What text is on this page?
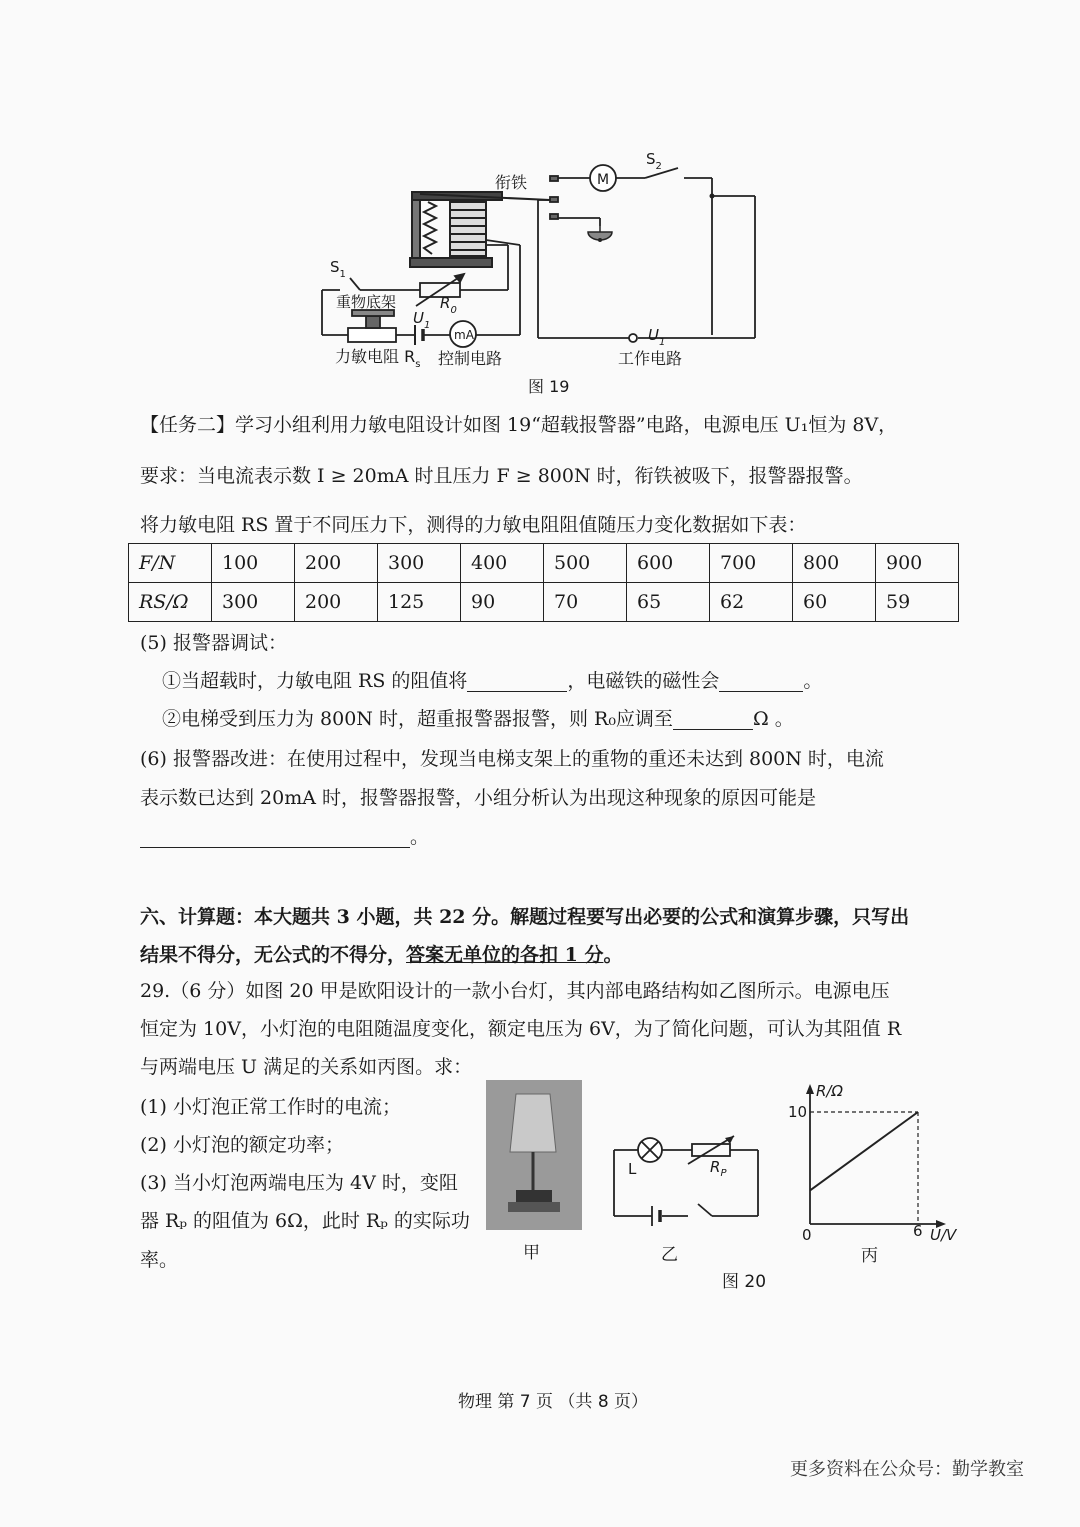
衔铁	M
$S_2$
$S_1$
重物底架	$R_0$
$U_1$
mA
力敏电阻 $R_s$ 控制电路
$U_1$
工作电路
图 19
【任务二】学习小组利用力敏电阻设计如图 19“超载报警器”电路，电源电压 U₁恒为 8V，
要求：当电流表示数 I ≥ 20mA 时且压力 F ≥ 800N 时，衔铁被吸下，报警器报警。
将力敏电阻 RS 置于不同压力下，测得的力敏电阻阻值随压力变化数据如下表：
F/N	100	200	300	400	500	600	700	800	900
RS/Ω	300	200	125	90	70	65	62	60	59
(5) 报警器调试：
①当超载时，力敏电阻 RS 的阻值将	，电磁铁的磁性会	。
②电梯受到压力为 800N 时，超重报警器报警，则 R₀应调至	Ω 。
(6) 报警器改进：在使用过程中，发现当电梯支架上的重物的重还未达到 800N 时，电流
表示数已达到 20mA 时，报警器报警，小组分析认为出现这种现象的原因可能是
。
六、计算题：本大题共 3 小题，共 22 分。解题过程要写出必要的公式和演算步骤，只写出
结果不得分，无公式的不得分，答案无单位的各扣 1 分。
29.（6 分）如图 20 甲是欧阳设计的一款小台灯，其内部电路结构如乙图所示。电源电压
恒定为 10V，小灯泡的电阻随温度变化，额定电压为 6V，为了简化问题，可认为其阻值 R
与两端电压 U 满足的关系如丙图。求：
(1) 小灯泡正常工作时的电流；
(2) 小灯泡的额定功率；
(3) 当小灯泡两端电压为 4V 时，变阻
器 Rₚ 的阻值为 6Ω，此时 Rₚ 的实际功
率。	甲
L	$R_P$
乙
R/Ω
10
0	6 U/V
丙
图 20
物理 第 7 页 （共 8 页）
更多资料在公众号：勤学教室
